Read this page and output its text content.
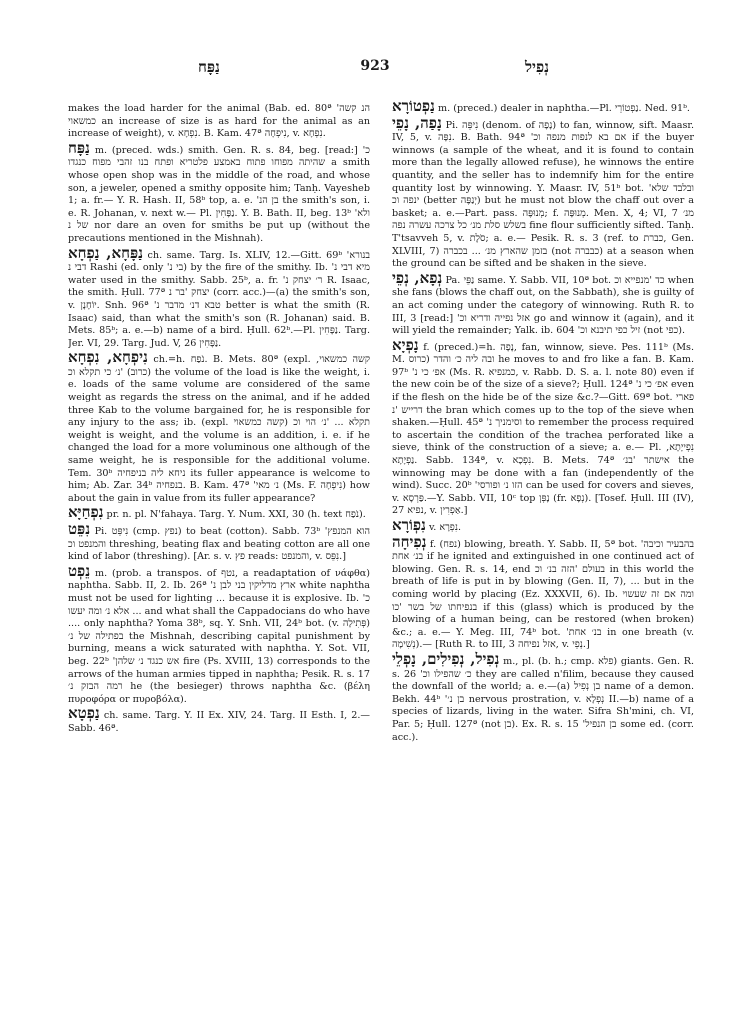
נַפָּח	923	נְפִיל

makes the load harder for the animal (Bab. ed. 80ª 'הנ קשה כמשאוי an increase of size is as hard for the animal as an increase of weight), v. נִפְחָא. B. Kam. 47ª נִיפְחָה, v. נִפְחָא.

נַפָּח m. (preced. wds.) smith. Gen. R. s. 84, beg. [read:] 'כ שהיתה מפוחו פתוח באמצע פלטריא ופתח בנו זהבי מפוח כנגדו a smith whose open shop was in the middle of the road, and whose son, a jeweler, opened a smithy opposite him; Tanḥ. Vayesheb 1; a. fr.— Y. R. Hash. II, 58ᵇ top, a. e. 'בן הנ the smith's son, i. e. R. Johanan, v. next w.— Pl. נַפָּחִין. Y. B. Bath. II, beg. 13ᵇ 'ולא של נ nor dare an oven for smiths be put up (without the precautions mentioned in the Mishnah).

נַפָּחָא, נַפְחָא ch. same. Targ. Is. XLIV, 12.—Gitt. 69ᵇ 'בנורא דבי נ Rashi (ed. only 'בי נ) by the fire of the smithy. Ib. 'מיא דבי נ water used in the smithy. Sabb. 25ᵇ, a. fr. 'ר׳ יצחק נ R. Isaac, the smith. Ḥull. 77ª יצחק 'בר נ (corr. acc.)—(a) the smith's son, v. יוֹחָנָן. Snh. 96ª 'טבא דנ׳ מדבר נ better is what the smith (R. Isaac) said, than what the smith's son (R. Johanan) said. B. Mets. 85ᵇ; a. e.—b) name of a bird. Ḥull. 62ᵇ.—Pl. נַפָּחִין. Targ. Jer. VI, 29. Targ. Jud. V, 26 נַפָּחִין.

נִיפְחָא, נִפְחָא ch.=h. נֹפַח. B. Mets. 80ª (expl. קשה כמשאוי, (כרוב) 'נ׳ כי תקלא וכ the volume of the load is like the weight, i. e. loads of the same volume are considered of the same weight as regards the stress on the animal, and if he added three Kab to the volume bargained for, he is responsible for any injury to the ass; ib. (expl. קשה כמשאוי) תקלא ... 'נ׳ הוי וכ weight is weight, and the volume is an addition, i. e. if he changed the load for a more voluminous one although of the same weight, he is responsible for the additional volume. Tem. 30ᵇ ניחא ליה בניפחיה its fuller appearance is welcome to him; Ab. Zar. 34ᵇ בנפחיה. B. Kam. 47ª 'נ׳ מאי (Ms. F. נִיפְחָה) how about the gain in value from its fuller appearance?

נִפְחַיָּא pr. n. pl. N'fahaya. Targ. Y. Num. XXI, 30 (h. text נֹפַח).

נִפֵּט Pi. נִיפֵּט (cmp. נפץ) to beat (cotton). Sabb. 73ᵇ 'הוא המנפץ והמנפט וכ threshing, beating flax and beating cotton are all one kind of labor (threshing). [Ar. s. v. פץ reads: והמנפט, v. נִפֵּס.]

נֵפְט m. (prob. a transpos. of נטף, a readaptation of νάφθα) naphtha. Sabb. II, 2. Ib. 26ª 'ארץ מדליקין בני לבן נ white naphtha must not be used for lighting ... because it is explosive. Ib. 'כ ... אלא נ׳ ומה יעשו and what shall the Cappadocians do who have .... only naphtha? Yoma 38ᵇ, sq. Y. Snh. VII, 24ᵇ bot. (v. פְּתִילָה) בפתילה של נ׳ the Mishnah, describing capital punishment by burning, means a wick saturated with naphtha. Y. Sot. VII, beg. 22ᵇ 'אש כנגד נ׳ שלהן fire (Ps. XVIII, 13) corresponds to the arrows of the human armies tipped in naphtha; Pesik. R. s. 17 רמה הבזק נ׳ he (the besieger) throws naphtha &c. (βέλη πυροφόρα or πυροβόλα).

נַפְטָא ch. same. Targ. Y. II Ex. XIV, 24. Targ. II Esth. I, 2.—Sabb. 46ª.

נַפְטוֹרָא m. (preced.) dealer in naphtha.—Pl. נַפְטוֹרֵי. Ned. 91ᵇ.

נָפַה, נָפֵי Pi. נִיפֵּה (denom. of נָפָה) to fan, winnow, sift. Maasr. IV, 5, v. נִפָּה. B. Bath. 94ª 'אם בא לנפות מנפה וכ if the buyer winnows (a sample of the wheat, and it is found to contain more than the legally allowed refuse), he winnows the entire quantity, and the seller has to indemnify him for the entire quantity lost by winnowing. Y. Maasr. IV, 51ᵇ bot. 'ובלבד שלא ינפה וכ (better יְנַפֶּה) but he must not blow the chaff out over a basket; a. e.—Part. pass. מְנוּפֶּה; f. מְנוּפָּה. Men. X, 4; VI, 7 מנ׳ בשלש סלת מנ׳ כל צרכה עשרה נפה fine flour sufficiently sifted. Tanḥ. T'tsavveh 5, v. סֹלֶת; a. e.— Pesik. R. s. 3 (ref. to כברת, Gen. XLVIII, 7) בזמן שהארץ מנ׳ ... בכברה (not כבברה) at a season when the ground can be sifted and be shaken in the sieve.

נְפָא, נְפֵי Pa. נַפֵּי same. Y. Sabb. VII, 10ª bot. כד 'מנפייא וכ when she fans (blows the chaff out, on the Sabbath), she is guilty of an act coming under the category of winnowing. Ruth R. to III, 3 [read:] 'אזל נפייה ודריא וכ go and winnow it (again), and it will yield the remainder; Yalk. ib. 604 'זיל כפי תיבנא וכ (not כפי).

נָפְיָא f. (preced.)=h. נָפָה, fan, winnow, sieve. Pes. 111ᵇ (Ms. M. כרוס) ובה ליה כ׳ והדר he moves to and fro like a fan. B. Kam. 97ᵇ 'אפ׳ כי נ (Ms. R. כמנפיא, v. Rabb. D. S. a. l. note 80) even if the new coin be of the size of a sieve?; Ḥull. 124ª 'אפ׳ כי נ even if the flesh on the hide be of the size &c.?—Gitt. 69ª bot. פארי דרייש 'נ the bran which comes up to the top of the sieve when shaken.—Ḥull. 45ª 'וסימניך נ to remember the process required to ascertain the condition of the trachea perforated like a sieve, think of the construction of a sieve; a. e.— Pl. נִפְייָתָא, נַפְיָתָא. Sabb. 134ª, v. נִפְכָא. B. Mets. 74ª אישתר 'בנ׳ the winnowing may be done with a fan (independently of the wind). Succ. 20ᵇ 'הזו נ׳ ופורסי can be used for covers and sieves, v. פַּרְסָא.—Y. Sabb. VII, 10ᶜ top נָפְּן (fr. נְפָא). [Tosef. Ḥull. III (IV), 27 נפיא, v. אַפְרִין.]

נִפְוֹרָא v. נִפְרָא.

נְפִיחָה f. (נפח) blowing, breath. Y. Sabb. II, 5ª bot. 'בהבעיר וכיבה בנ׳ אחת if he ignited and extinguished in one continued act of blowing. Gen. R. s. 14, end בעולם 'הזה בנ׳ וכ in this world the breath of life is put in by blowing (Gen. II, 7), ... but in the coming world by placing (Ez. XXXVII, 6). Ib. ומה אם זה שעשוי בנפיחתו של בשר 'כו if this (glass) which is produced by the blowing of a human being, can be restored (when broken) &c.; a. e.— Y. Meg. III, 74ᵇ bot. 'בנ׳ אחת in one breath (v. נְשִׁימָה).— [Ruth R. to III, 3 אזל נפיחה, v. נְפֵי.]

נְפִיל, נְפִילִים, נָפְלֵי m., pl. (b. h.; cmp. פלא) giants. Gen. R. s. 26 'כ׳ שהפילו וכ they are called n'filim, because they caused the downfall of the world; a. e.—(a) בן נְפִיל name of a demon. Bekh. 44ᵇ 'בן נ׳ nervous prostration, v. נְפְלָא II.—b) name of a species of lizards, living in the water. Sifra Sh'mini, ch. VI, Par. 5; Ḥull. 127ª (not בן). Ex. R. s. 15 'בן הנפיל some ed. (corr. acc.).
